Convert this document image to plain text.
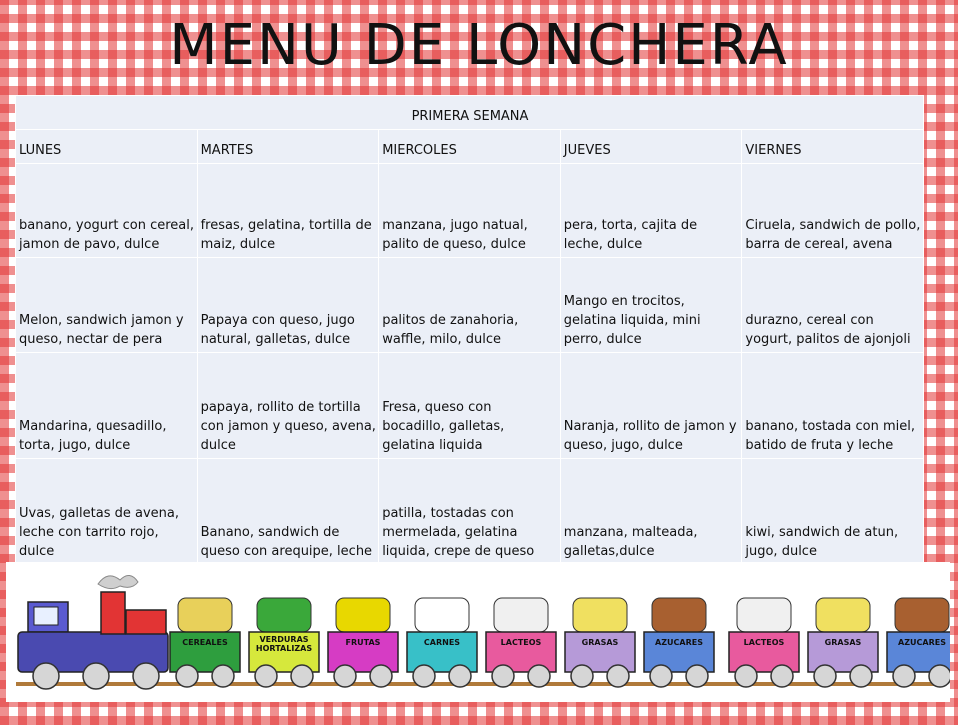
MENU DE LONCHERA
PRIMERA SEMANA				
LUNES	MARTES	MIERCOLES	JUEVES	VIERNES
banano, yogurt con cereal, jamon de pavo, dulce	fresas, gelatina, tortilla de maiz, dulce	manzana, jugo natual, palito de queso, dulce	pera, torta, cajita de leche, dulce	Ciruela, sandwich de pollo, barra de cereal, avena
Melon, sandwich jamon y queso, nectar de pera	Papaya con queso, jugo natural, galletas, dulce	palitos de zanahoria, waffle, milo, dulce	Mango en trocitos, gelatina liquida, mini perro, dulce	durazno, cereal con yogurt, palitos de ajonjoli
Mandarina, quesadillo, torta, jugo, dulce	papaya, rollito de tortilla con jamon y queso, avena, dulce	Fresa, queso con bocadillo, galletas, gelatina liquida	Naranja, rollito de jamon y queso, jugo, dulce	banano, tostada con miel, batido de fruta y leche
Uvas, galletas de avena, leche con tarrito rojo, dulce	Banano, sandwich de queso con arequipe, leche	patilla, tostadas con mermelada, gelatina liquida, crepe de queso	manzana, malteada, galletas,dulce	kiwi, sandwich de atun, jugo, dulce
CEREALES	VERDURAS
HORTALIZAS
FRUTAS	CARNES	LACTEOS	GRASAS	AZUCARES	LACTEOS	GRASAS	AZUCARES
